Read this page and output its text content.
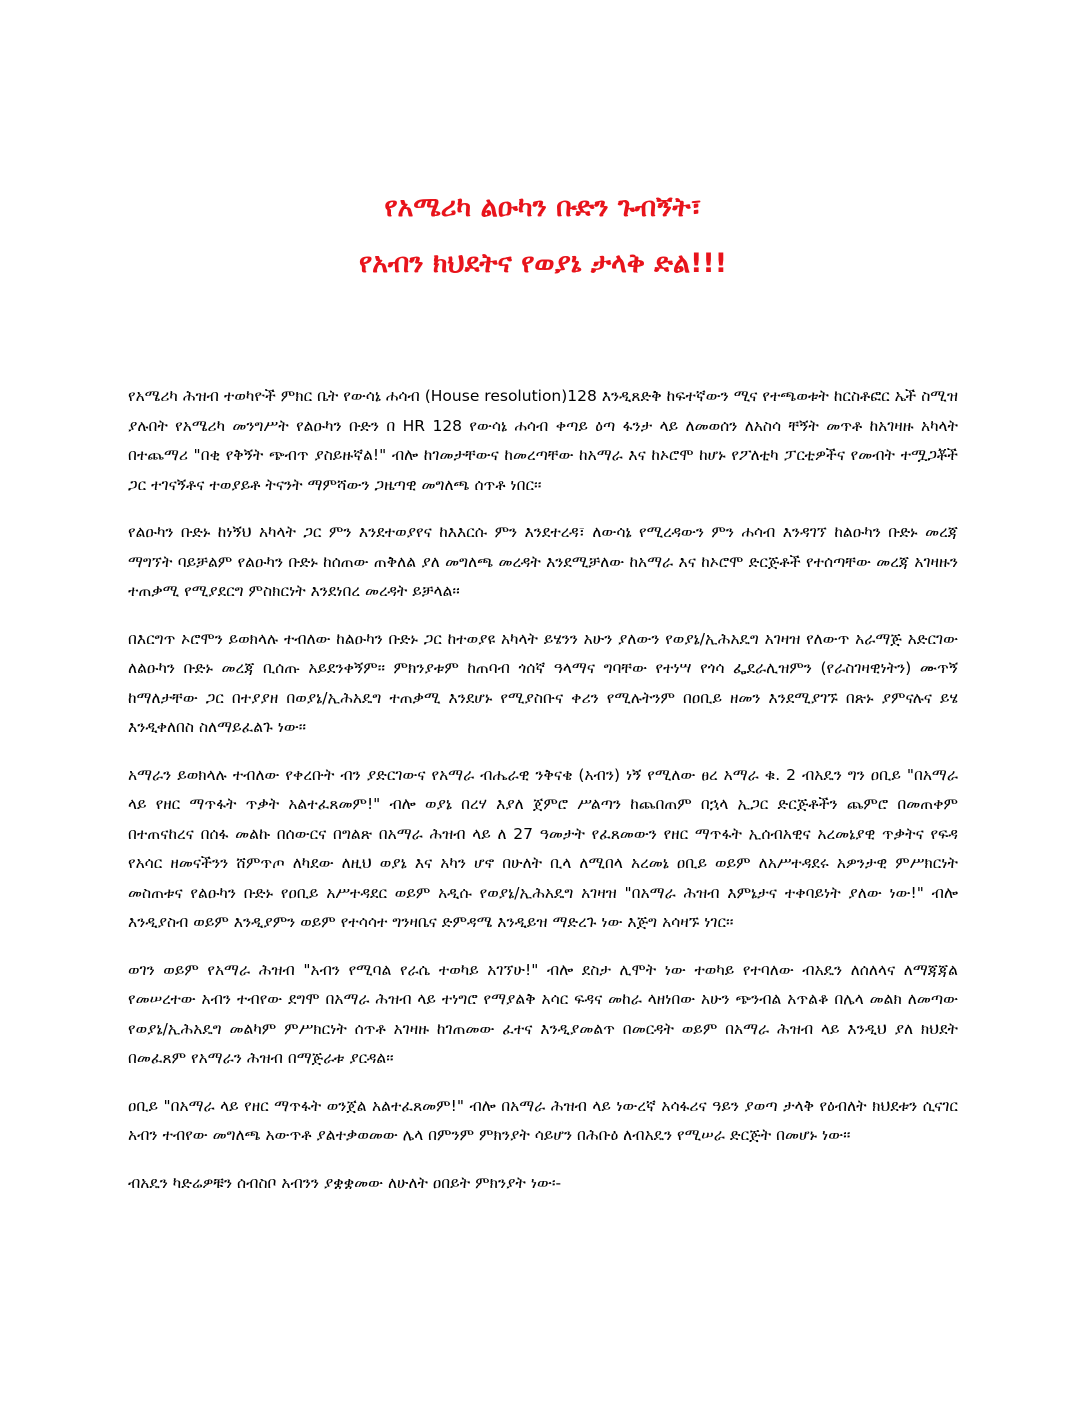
የአሜሪካ ልዑካን ቡድን ጉብኝት፣
የአብን ክህደትና የወያኔ ታላቅ ድል!!!

የአሜሪካ ሕዝብ ተወካዮች ምክር ቤት የውሳኔ ሐሳብ (House resolution)128 እንዲጸድቅ ከፍተኛውን ሚና የተጫወቱት ከርስቶፎር ኤች ስሚዝ ያሉበት የአሜሪካ መንግሥት የልዑካን ቡድን በ HR 128 የውሳኔ ሐሳብ ቀጣይ ዕጣ ፋንታ ላይ ለመወሰን ለአስሳ ቸኝት መጥቶ ከአገዛዙ አካላት በተጨማሪ "በቂ የቅኝት ጭብጥ ያስይዙኛል!" ብሎ ከገመታቸውና ከመረጣቸው ከአማራ እና ከኦሮሞ ከሆኑ የፖለቲካ ፓርቲዎችና የመብት ተሟጋቾች ጋር ተገናኝቶና ተወያይቶ ትናንት ማምሻውን ጋዜጣዊ መግለጫ ሰጥቶ ነበር፡፡

የልዑካን ቡድኑ ከነኝህ አካላት ጋር ምን እንደተወያየና ከእእርሱ ምን እንደተረዳ፣ ለውሳኔ የሚረዳውን ምን ሐሳብ እንዳገኘ ከልዑካን ቡድኑ መረጃ ማግኘት ባይቻልም የልዑካን ቡድኑ ከሰጠው ጠቅለል ያለ መግለጫ መረዳት እንደሚቻለው ከአማራ እና ከኦሮሞ ድርጅቶች የተሰጣቸው መረጃ አገዛዙን ተጠቃሚ የሚያደርግ ምስክርነት እንደነበረ መረዳት ይቻላል፡፡

በእርግጥ ኦሮሞን ይወክላሉ ተብለው ከልዑካን ቡድኑ ጋር ከተወያዩ አካላት ይሄንን አሁን ያለውን የወያኔ/ኢሕአዴግ አገዛዝ የለውጥ አራማጅ አድርገው ለልዑካን ቡድኑ መረጃ ቢሰጡ አይደንቀኝም፡፡ ምክንያቱም ከጠባብ ጎሰኛ ዓላማና ግባቸው የተነሣ የጎሳ ፌደራሊዝምን (የራስገዛዊነትን) ሙጥኝ ከማለታቸው ጋር በተያያዘ በወያኔ/ኢሕአዴግ ተጠቃሚ እንደሆኑ የሚያስቡና ቀሪን የሚሉትንም በዐቢይ ዘመን እንደሚያገኙ በጽኑ ያምናሉና ይሄ እንዲቀለበስ ስለማይፈልጉ ነው፡፡

አማራን ይወክላሉ ተብለው የቀረቡት ብን ያድርገውና የአማራ ብሔራዊ ንቅናቄ (አብን) ነኝ የሚለው ፀረ አማራ ቁ. 2 ብአዴን ግን ዐቢይ "በአማራ ላይ የዘር ማጥፋት ጥቃት አልተፈጸመም!" ብሎ ወያኔ በረሃ እያለ ጀምሮ ሥልጣን ከጨበጠም በኋላ ኢጋር ድርጅቶችን ጨምሮ በመጠቀም በተጠናከረና በሰፋ መልኩ በሰውርና በግልጽ በአማራ ሕዝብ ላይ ለ 27 ዓመታት የፈጸመውን የዘር ማጥፋት ኢሰብአዊና አረመኔያዊ ጥቃትና የፍዳ የአሳር ዘመናችንን ሸምጥጦ ለካደው ለዚህ ወያኔ እና አካን ሆኖ በሁለት ቢላ ለሚበላ አረመኔ ዐቢይ ወይም ለአሥተዳደሩ አዎንታዊ ምሥክርነት መስጠቱና የልዑካን ቡድኑ የዐቢይ አሥተዳደር ወይም አዲሱ የወያኔ/ኢሕአዴግ አገዛዝ "በአማራ ሕዝብ እምኔታና ተቀባይነት ያለው ነው!" ብሎ እንዲያስብ ወይም እንዲያምን ወይም የተሳሳተ ግንዛቤና ድምዳሜ እንዲይዝ ማድረጉ ነው እጅግ አሳዛኙ ነገር፡፡

ወገን ወይም የአማራ ሕዝብ "አብን የሚባል የራሴ ተወካይ አገኘሁ!" ብሎ ደስታ ሊሞት ነው ተወካይ የተባለው ብአዴን ለሰለላና ለማጃጃል የመሠረተው አብን ተብየው ደግሞ በአማራ ሕዝብ ላይ ተነግሮ የማያልቅ አሳር ፍዳና መከራ ላዘነበው አሁን ጭንብል አጥልቆ በሌላ መልክ ለመጣው የወያኔ/ኢሕአዴግ መልካም ምሥክርነት ሰጥቶ አገዛዙ ከገጠመው ፈተና እንዲያመልጥ በመርዳት ወይም በአማራ ሕዝብ ላይ እንዲህ ያለ ክህደት በመፈጸም የአማራን ሕዝብ በማጅራቱ ያርዳል፡፡

ዐቢይ "በአማራ ላይ የዘር ማጥፋት ወንጀል አልተፈጸመም!" ብሎ በአማራ ሕዝብ ላይ ነውረኛ አሳፋሪና ዓይን ያወጣ ታላቅ የዕብለት ክህደቱን ሲናገር አብን ተብየው መግለጫ አውጥቶ ያልተቃወመው ሌላ በምንም ምክንያት ሳይሆን በሕቡዕ ለብአዴን የሚሠራ ድርጅት በመሆኑ ነው፡፡

ብአዴን ካድሬዎቹን ሰብስቦ አብንን ያቋቋመው ለሁለት ዐበይት ምክንያት ነው፡-
